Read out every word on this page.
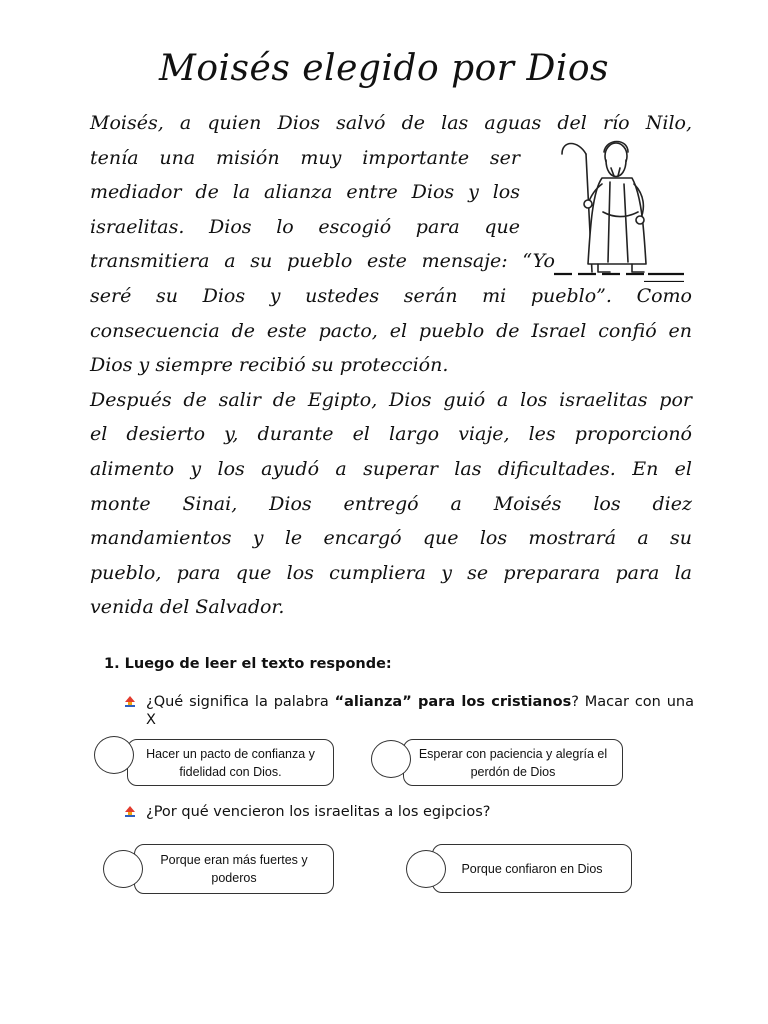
Moisés elegido por Dios
Moisés, a quien Dios salvó de las aguas del río Nilo,
tenía una misión muy importante ser
mediador de la alianza entre Dios y los
israelitas. Dios lo escogió para que
transmitiera a su pueblo este mensaje: “Yo
seré su Dios y ustedes serán mi pueblo”. Como
consecuencia de este pacto, el pueblo de Israel confió en
Dios y siempre recibió su protección.
Después de salir de Egipto, Dios guió a los israelitas por
el desierto y, durante el largo viaje, les proporcionó
alimento y los ayudó a superar las dificultades. En el
monte Sinai, Dios entregó a Moisés los diez
mandamientos y le encargó que los mostrará a su
pueblo, para que los cumpliera y se preparara para la
venida del Salvador.
1. Luego de leer el texto responde:
¿Qué significa la palabra “alianza” para los cristianos? Macar con una X
Hacer un pacto de confianza y fidelidad con Dios.
Esperar con paciencia y alegría el perdón de Dios
¿Por qué vencieron los israelitas a los egipcios?
Porque eran más fuertes y poderos
Porque confiaron en Dios
